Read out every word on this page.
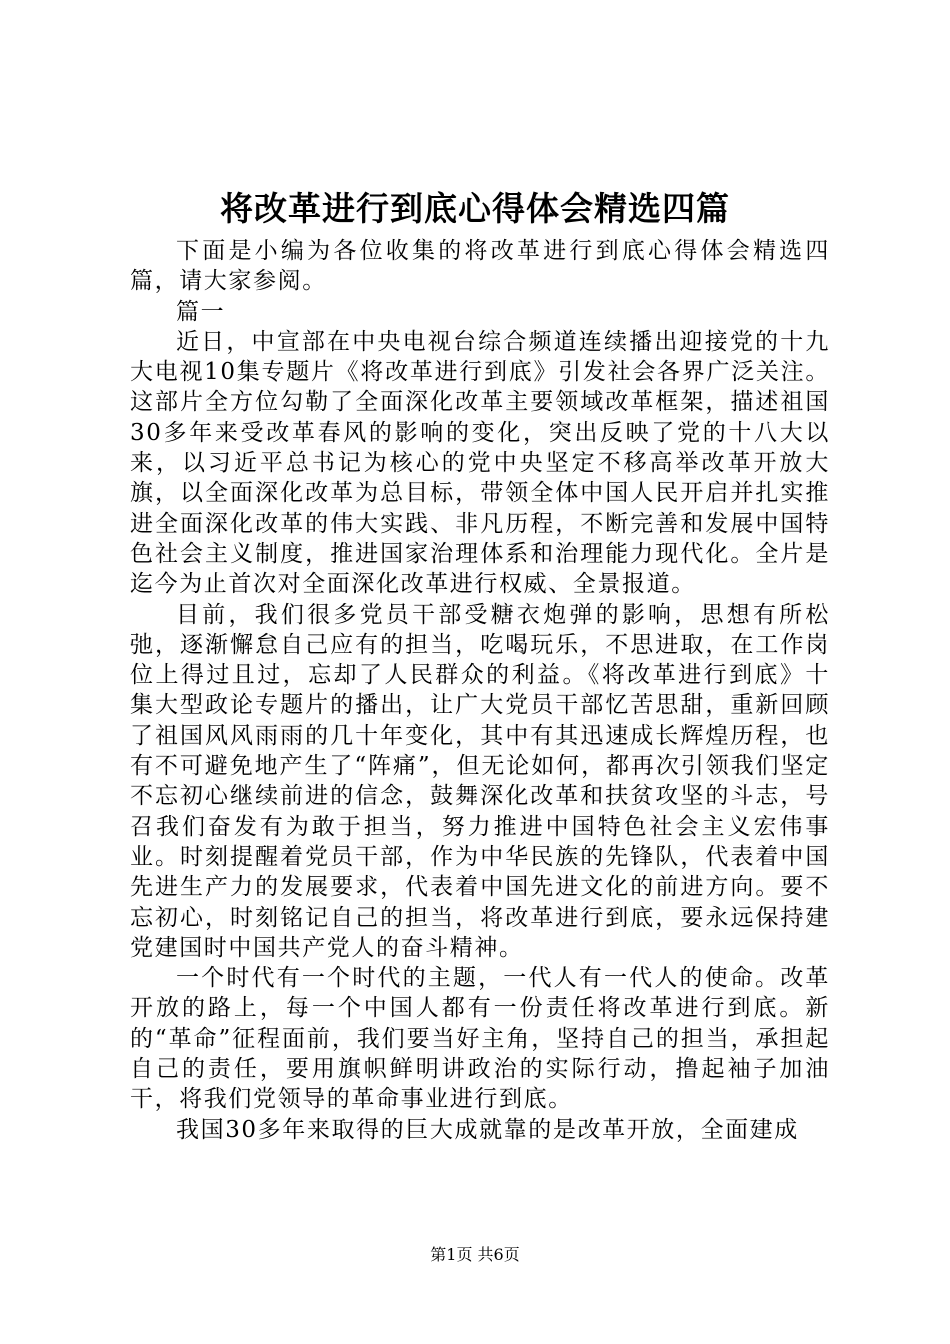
将改革进行到底心得体会精选四篇

下面是小编为各位收集的将改革进行到底心得体会精选四篇，请大家参阅。

篇一

近日，中宣部在中央电视台综合频道连续播出迎接党的十九大电视10集专题片《将改革进行到底》引发社会各界广泛关注。这部片全方位勾勒了全面深化改革主要领域改革框架，描述祖国30多年来受改革春风的影响的变化，突出反映了党的十八大以来，以习近平总书记为核心的党中央坚定不移高举改革开放大旗，以全面深化改革为总目标，带领全体中国人民开启并扎实推进全面深化改革的伟大实践、非凡历程，不断完善和发展中国特色社会主义制度，推进国家治理体系和治理能力现代化。全片是迄今为止首次对全面深化改革进行权威、全景报道。

目前，我们很多党员干部受糖衣炮弹的影响，思想有所松弛，逐渐懈怠自己应有的担当，吃喝玩乐，不思进取，在工作岗位上得过且过，忘却了人民群众的利益。《将改革进行到底》十集大型政论专题片的播出，让广大党员干部忆苦思甜，重新回顾了祖国风风雨雨的几十年变化，其中有其迅速成长辉煌历程，也有不可避免地产生了“阵痛”，但无论如何，都再次引领我们坚定不忘初心继续前进的信念，鼓舞深化改革和扶贫攻坚的斗志，号召我们奋发有为敢于担当，努力推进中国特色社会主义宏伟事业。时刻提醒着党员干部，作为中华民族的先锋队，代表着中国先进生产力的发展要求，代表着中国先进文化的前进方向。要不忘初心，时刻铭记自己的担当，将改革进行到底，要永远保持建党建国时中国共产党人的奋斗精神。

一个时代有一个时代的主题，一代人有一代人的使命。改革开放的路上，每一个中国人都有一份责任将改革进行到底。新的“革命”征程面前，我们要当好主角，坚持自己的担当，承担起自己的责任，要用旗帜鲜明讲政治的实际行动，撸起袖子加油干，将我们党领导的革命事业进行到底。

我国30多年来取得的巨大成就靠的是改革开放，全面建成

第1页 共6页
